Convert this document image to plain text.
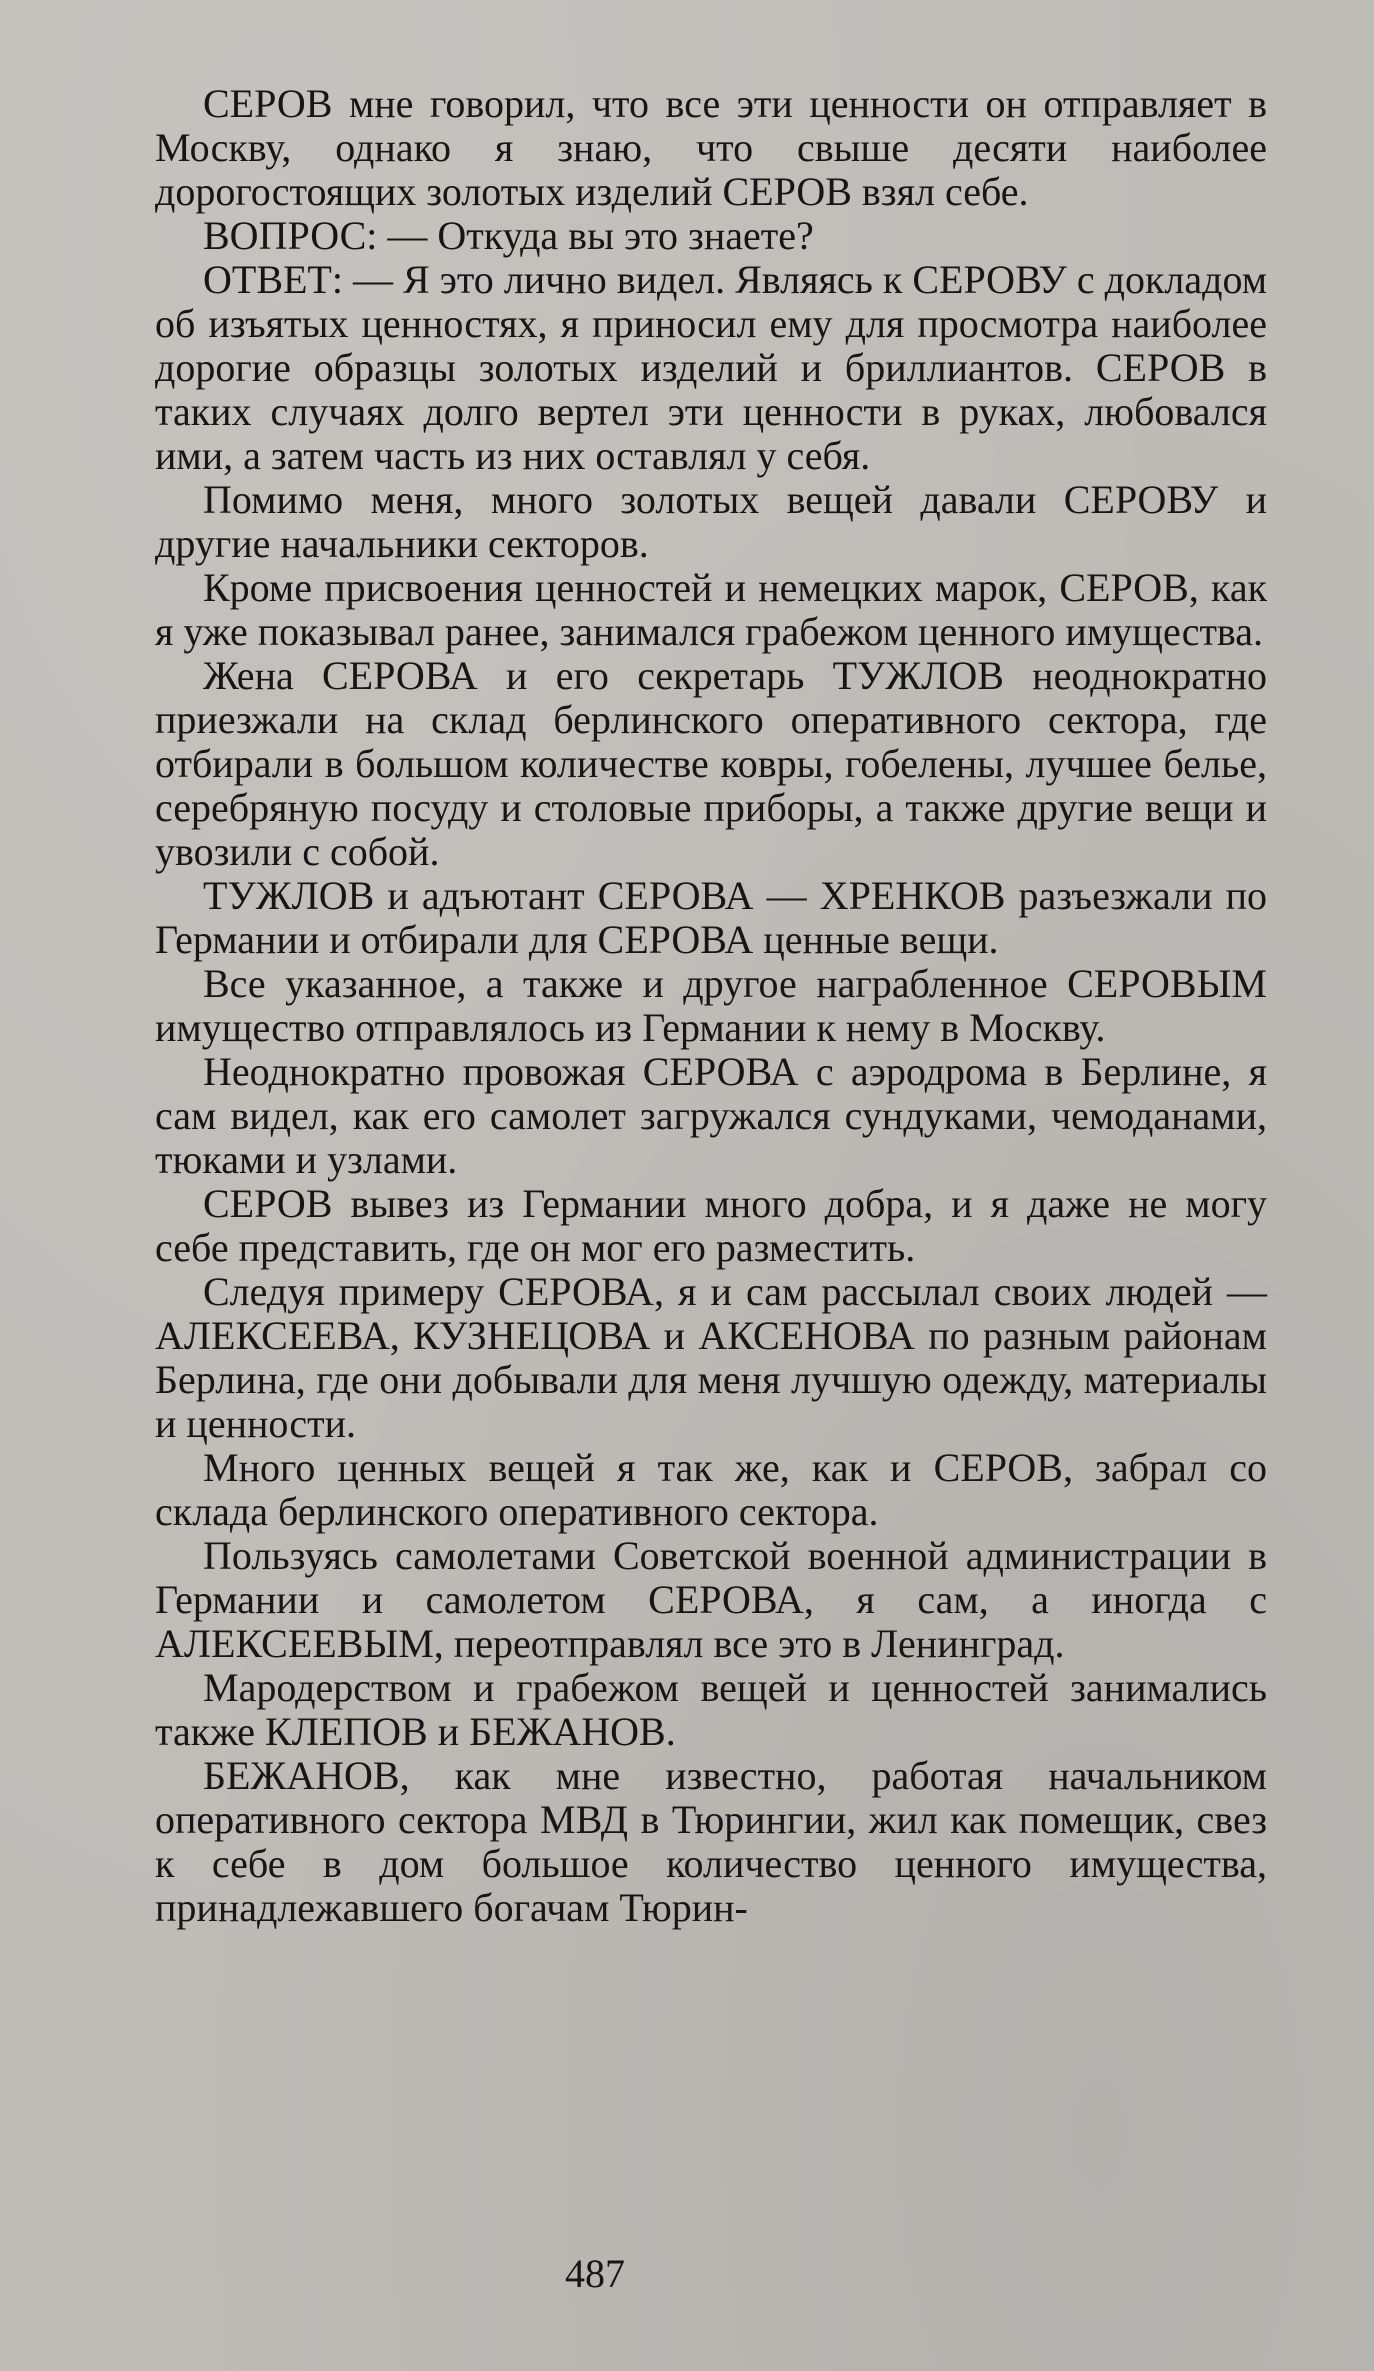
СЕРОВ мне говорил, что все эти ценности он отправляет в Москву, однако я знаю, что свыше десяти наиболее дорогостоящих золотых изделий СЕРОВ взял себе.

ВОПРОС: — Откуда вы это знаете?

ОТВЕТ: — Я это лично видел. Являясь к СЕРОВУ с докладом об изъятых ценностях, я приносил ему для просмотра наиболее дорогие образцы золотых изделий и бриллиантов. СЕРОВ в таких случаях долго вертел эти ценности в руках, любовался ими, а затем часть из них оставлял у себя.

Помимо меня, много золотых вещей давали СЕРОВУ и другие начальники секторов.

Кроме присвоения ценностей и немецких марок, СЕРОВ, как я уже показывал ранее, занимался грабежом ценного имущества.

Жена СЕРОВА и его секретарь ТУЖЛОВ неоднократно приезжали на склад берлинского оперативного сектора, где отбирали в большом количестве ковры, гобелены, лучшее белье, серебряную посуду и столовые приборы, а также другие вещи и увозили с собой.

ТУЖЛОВ и адъютант СЕРОВА — ХРЕНКОВ разъезжали по Германии и отбирали для СЕРОВА ценные вещи.

Все указанное, а также и другое награбленное СЕРОВЫМ имущество отправлялось из Германии к нему в Москву.

Неоднократно провожая СЕРОВА с аэродрома в Берлине, я сам видел, как его самолет загружался сундуками, чемоданами, тюками и узлами.

СЕРОВ вывез из Германии много добра, и я даже не могу себе представить, где он мог его разместить.

Следуя примеру СЕРОВА, я и сам рассылал своих людей — АЛЕКСЕЕВА, КУЗНЕЦОВА и АКСЕНОВА по разным районам Берлина, где они добывали для меня лучшую одежду, материалы и ценности.

Много ценных вещей я так же, как и СЕРОВ, забрал со склада берлинского оперативного сектора.

Пользуясь самолетами Советской военной администрации в Германии и самолетом СЕРОВА, я сам, а иногда с АЛЕКСЕЕВЫМ, переотправлял все это в Ленинград.

Мародерством и грабежом вещей и ценностей занимались также КЛЕПОВ и БЕЖАНОВ.

БЕЖАНОВ, как мне известно, работая начальником оперативного сектора МВД в Тюрингии, жил как помещик, свез к себе в дом большое количество ценного имущества, принадлежавшего богачам Тюрин-

487
